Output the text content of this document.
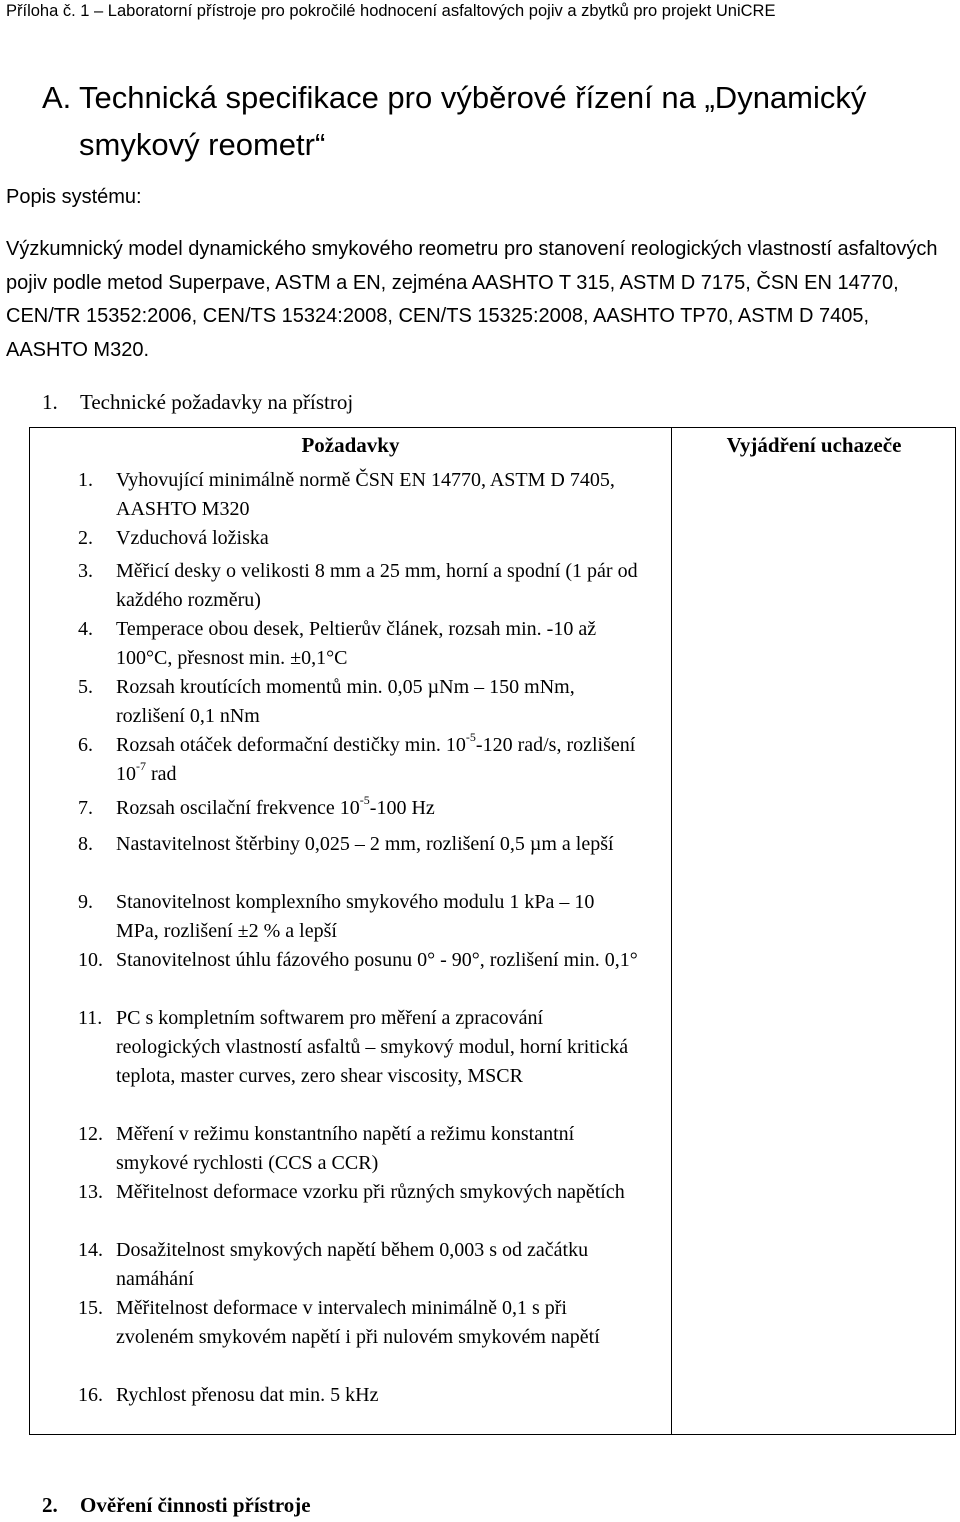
Příloha č. 1 – Laboratorní přístroje pro pokročilé hodnocení asfaltových pojiv a zbytků pro projekt UniCRE
A. Technická specifikace pro výběrové řízení na „Dynamický smykový reometr“
Popis systému:
Výzkumnický model dynamického smykového reometru pro stanovení reologických vlastností asfaltových pojiv podle metod Superpave, ASTM a EN, zejména AASHTO T 315, ASTM D 7175, ČSN EN 14770, CEN/TR 15352:2006, CEN/TS 15324:2008, CEN/TS 15325:2008, AASHTO TP70, ASTM D 7405, AASHTO M320.
1. Technické požadavky na přístroj
Požadavky	Vyjádření uchazeče
1. Vyhovující minimálně normě ČSN EN 14770, ASTM D 7405, AASHTO M320
2. Vzduchová ložiska
3. Měřicí desky o velikosti 8 mm a 25 mm, horní a spodní (1 pár od každého rozměru)
4. Temperace obou desek, Peltierův článek, rozsah min. -10 až 100°C, přesnost min. ±0,1°C
5. Rozsah kroutících momentů min. 0,05 µNm – 150 mNm, rozlišení 0,1 nNm
6. Rozsah otáček deformační destičky min. $10^{-5}-120$ rad/s, rozlišení $10^{-7}$ rad
7. Rozsah oscilační frekvence $10^{-5}-100$ Hz
8. Nastavitelnost štěrbiny 0,025 – 2 mm, rozlišení 0,5 µm a lepší
9. Stanovitelnost komplexního smykového modulu 1 kPa – 10 MPa, rozlišení ±2 % a lepší
10. Stanovitelnost úhlu fázového posunu 0° - 90°, rozlišení min. 0,1°
11. PC s kompletním softwarem pro měření a zpracování reologických vlastností asfaltů – smykový modul, horní kritická teplota, master curves, zero shear viscosity, MSCR
12. Měření v režimu konstantního napětí a režimu konstantní smykové rychlosti (CCS a CCR)
13. Měřitelnost deformace vzorku při různých smykových napětích
14. Dosažitelnost smykových napětí během 0,003 s od začátku namáhání
15. Měřitelnost deformace v intervalech minimálně 0,1 s při zvoleném smykovém napětí i při nulovém smykovém napětí
16. Rychlost přenosu dat min. 5 kHz
2. Ověření činnosti přístroje
